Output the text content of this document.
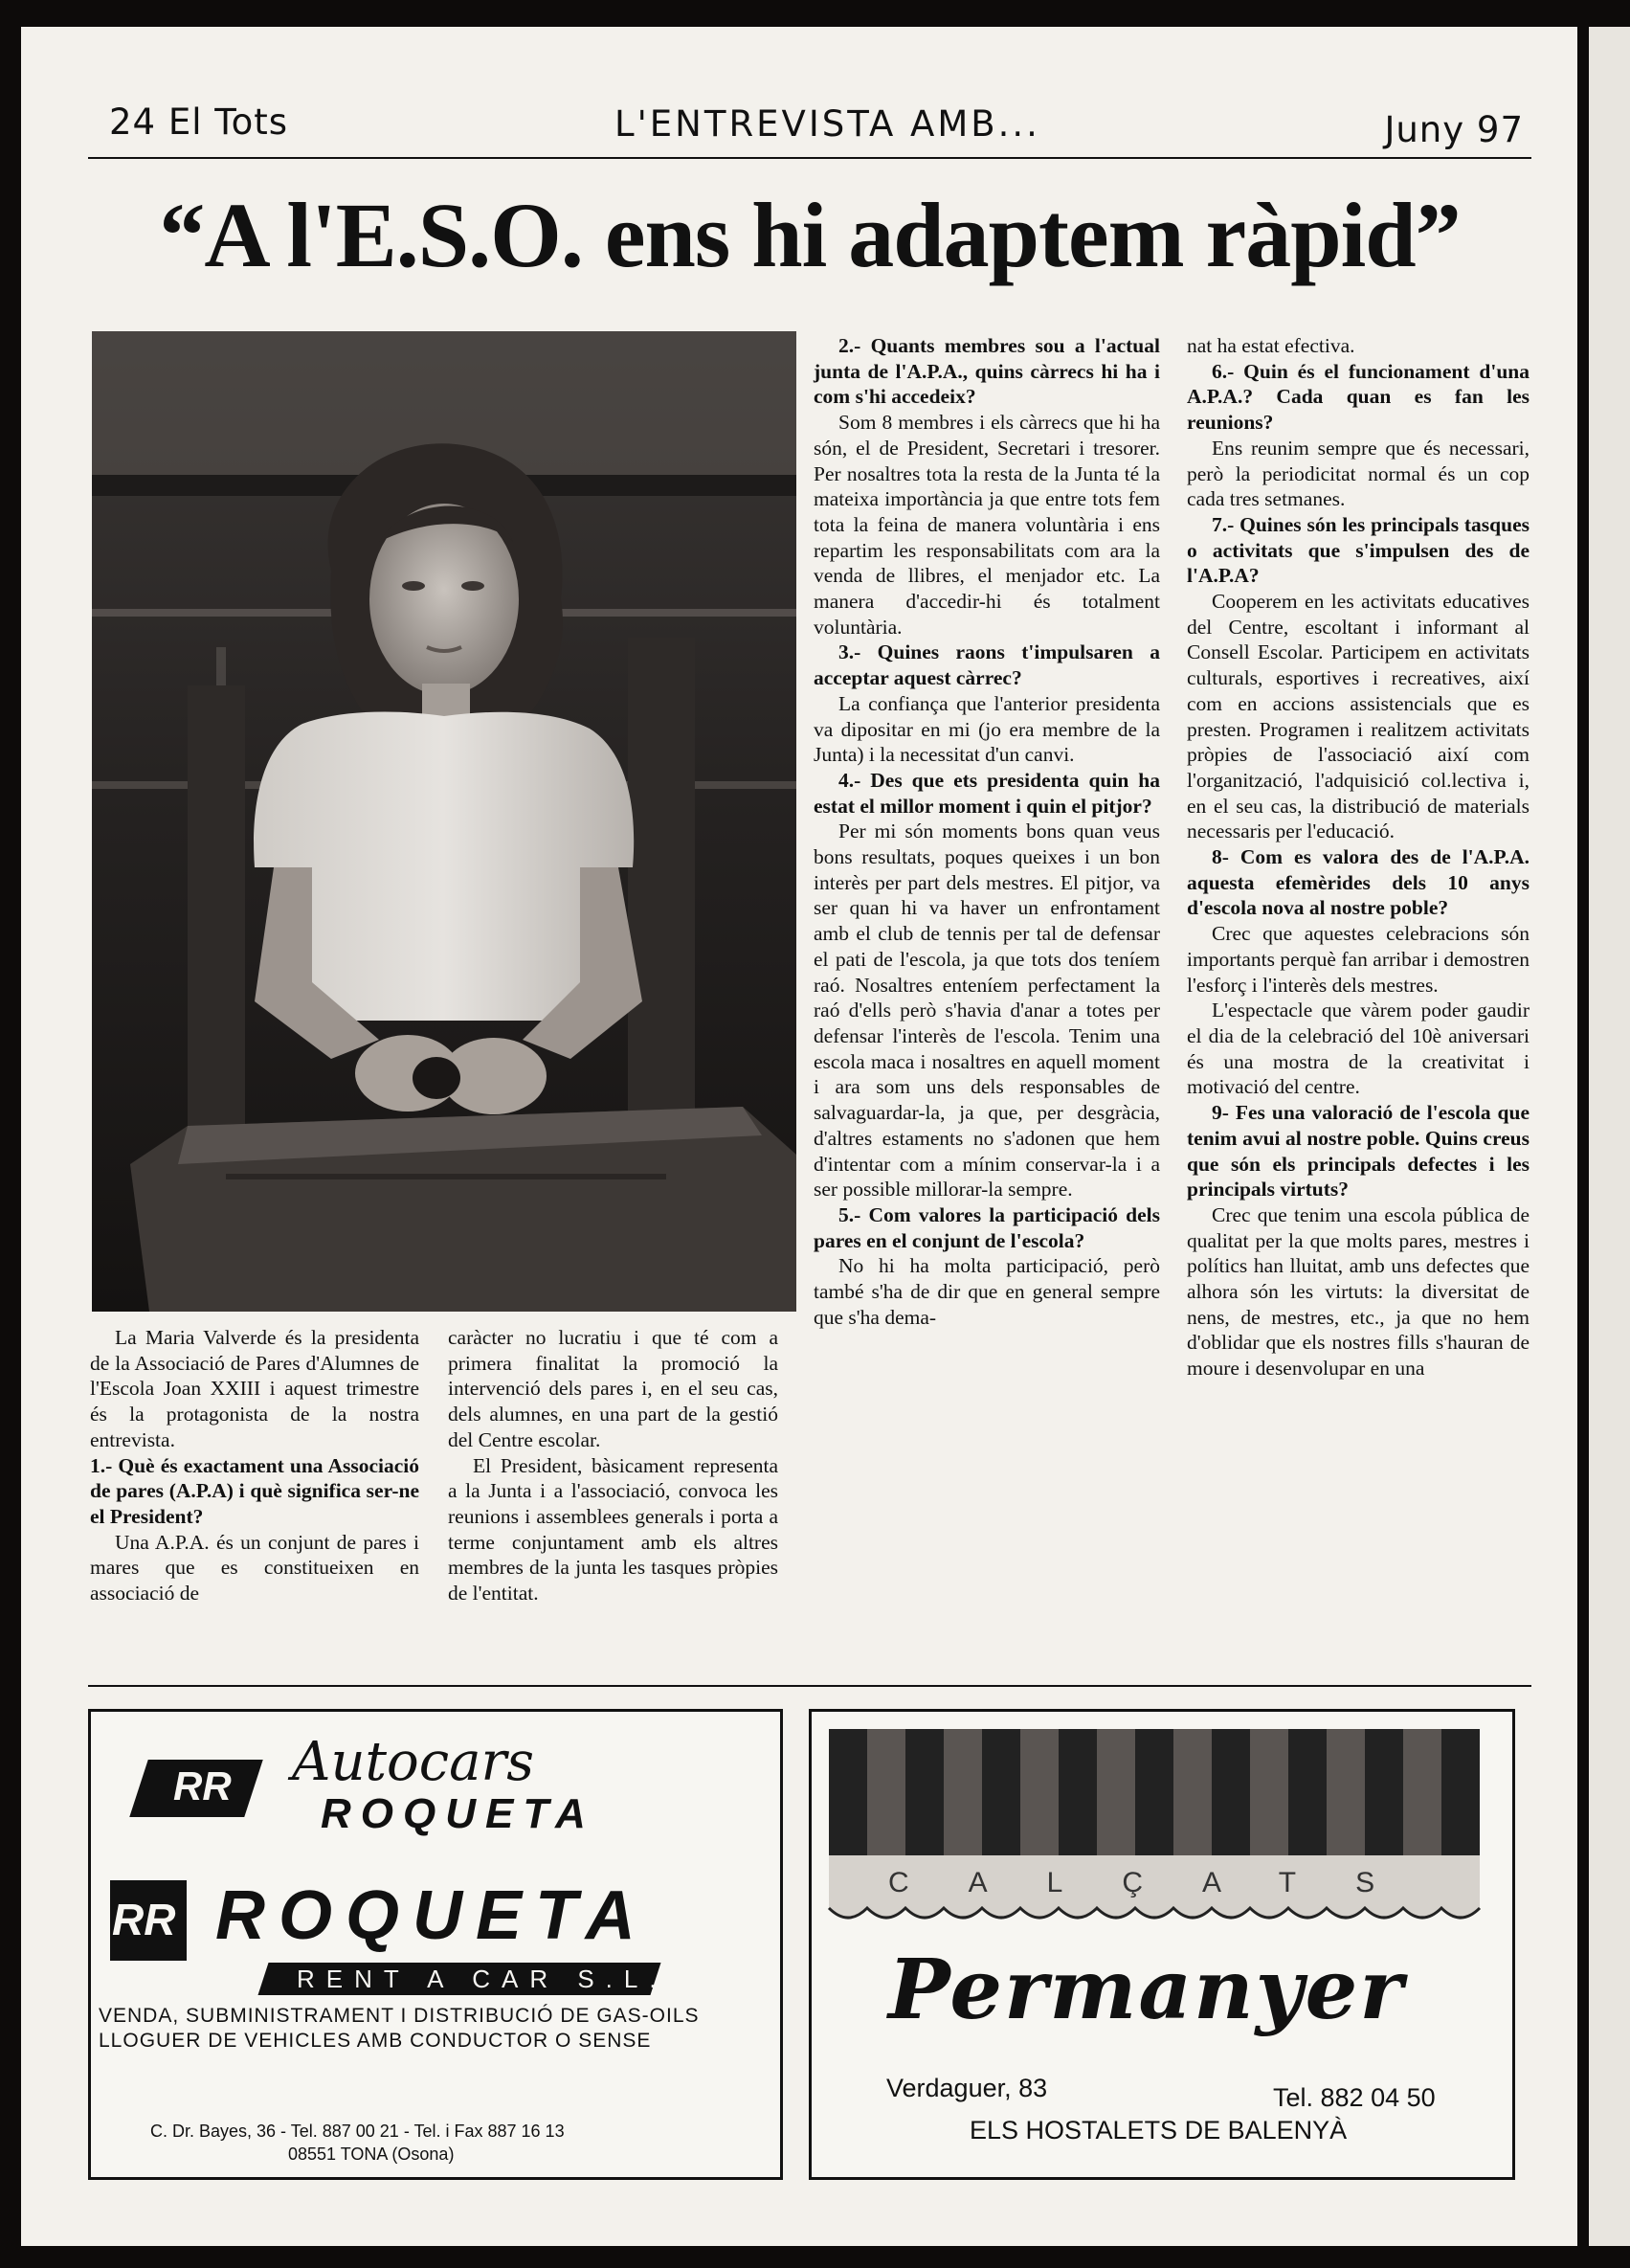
24 El Tots	L'ENTREVISTA AMB...	Juny 97
“A l'E.S.O. ens hi adaptem ràpid”

La Maria Valverde és la presidenta de la Associació de Pares d'Alumnes de l'Escola Joan XXIII i aquest trimestre és la protagonista de la nostra entrevista.

1.- Què és exactament una Associació de pares (A.P.A) i què significa ser-ne el President?

Una A.P.A. és un conjunt de pares i mares que es constitueixen en associació de

caràcter no lucratiu i que té com a primera finalitat la promoció la intervenció dels pares i, en el seu cas, dels alumnes, en una part de la gestió del Centre escolar.

El President, bàsicament representa a la Junta i a l'associació, convoca les reunions i assemblees generals i porta a terme conjuntament amb els altres membres de la junta les tasques pròpies de l'entitat.

2.- Quants membres sou a l'actual junta de l'A.P.A., quins càrrecs hi ha i com s'hi accedeix?

Som 8 membres i els càrrecs que hi ha són, el de President, Secretari i tresorer. Per nosaltres tota la resta de la Junta té la mateixa importància ja que entre tots fem tota la feina de manera voluntària i ens repartim les responsabilitats com ara la venda de llibres, el menjador etc. La manera d'accedir-hi és totalment voluntària.

3.- Quines raons t'impulsaren a acceptar aquest càrrec?

La confiança que l'anterior presidenta va dipositar en mi (jo era membre de la Junta) i la necessitat d'un canvi.

4.- Des que ets presidenta quin ha estat el millor moment i quin el pitjor?

Per mi són moments bons quan veus bons resultats, poques queixes i un bon interès per part dels mestres. El pitjor, va ser quan hi va haver un enfrontament amb el club de tennis per tal de defensar el pati de l'escola, ja que tots dos teníem raó. Nosaltres enteníem perfectament la raó d'ells però s'havia d'anar a totes per defensar l'interès de l'escola. Tenim una escola maca i nosaltres en aquell moment i ara som uns dels responsables de salvaguardar-la, ja que, per desgràcia, d'altres estaments no s'adonen que hem d'intentar com a mínim conservar-la i a ser possible millorar-la sempre.

5.- Com valores la participació dels pares en el conjunt de l'escola?

No hi ha molta participació, però també s'ha de dir que en general sempre que s'ha dema-

nat ha estat efectiva.

6.- Quin és el funcionament d'una A.P.A.? Cada quan es fan les reunions?

Ens reunim sempre que és necessari, però la periodicitat normal és un cop cada tres setmanes.

7.- Quines són les principals tasques o activitats que s'impulsen des de l'A.P.A?

Cooperem en les activitats educatives del Centre, escoltant i informant al Consell Escolar. Participem en activitats culturals, esportives i recreatives, així com en accions assistencials que es presten. Programen i realitzem activitats pròpies de l'associació així com l'organització, l'adquisició col.lectiva i, en el seu cas, la distribució de materials necessaris per l'educació.

8- Com es valora des de l'A.P.A. aquesta efemèrides dels 10 anys d'escola nova al nostre poble?

Crec que aquestes celebracions són importants perquè fan arribar i demostren l'esforç i l'interès dels mestres.

L'espectacle que vàrem poder gaudir el dia de la celebració del 10è aniversari és una mostra de la creativitat i motivació del centre.

9- Fes una valoració de l'escola que tenim avui al nostre poble. Quins creus que són els principals defectes i les principals virtuts?

Crec que tenim una escola pública de qualitat per la que molts pares, mestres i polítics han lluitat, amb uns defectes que alhora són les virtuts: la diversitat de nens, de mestres, etc., ja que no hem d'oblidar que els nostres fills s'hauran de moure i desenvolupar en una

RR Autocars
ROQUETA
RR ROQUETA
RENT A CAR S.L.
VENDA, SUBMINISTRAMENT I DISTRIBUCIÓ DE GAS-OILS
LLOGUER DE VEHICLES AMB CONDUCTOR O SENSE
C. Dr. Bayes, 36 - Tel. 887 00 21 - Tel. i Fax 887 16 13
08551 TONA (Osona)
CALÇATS
Permanyer
Verdaguer, 83	Tel. 882 04 50
ELS HOSTALETS DE BALENYÀ
